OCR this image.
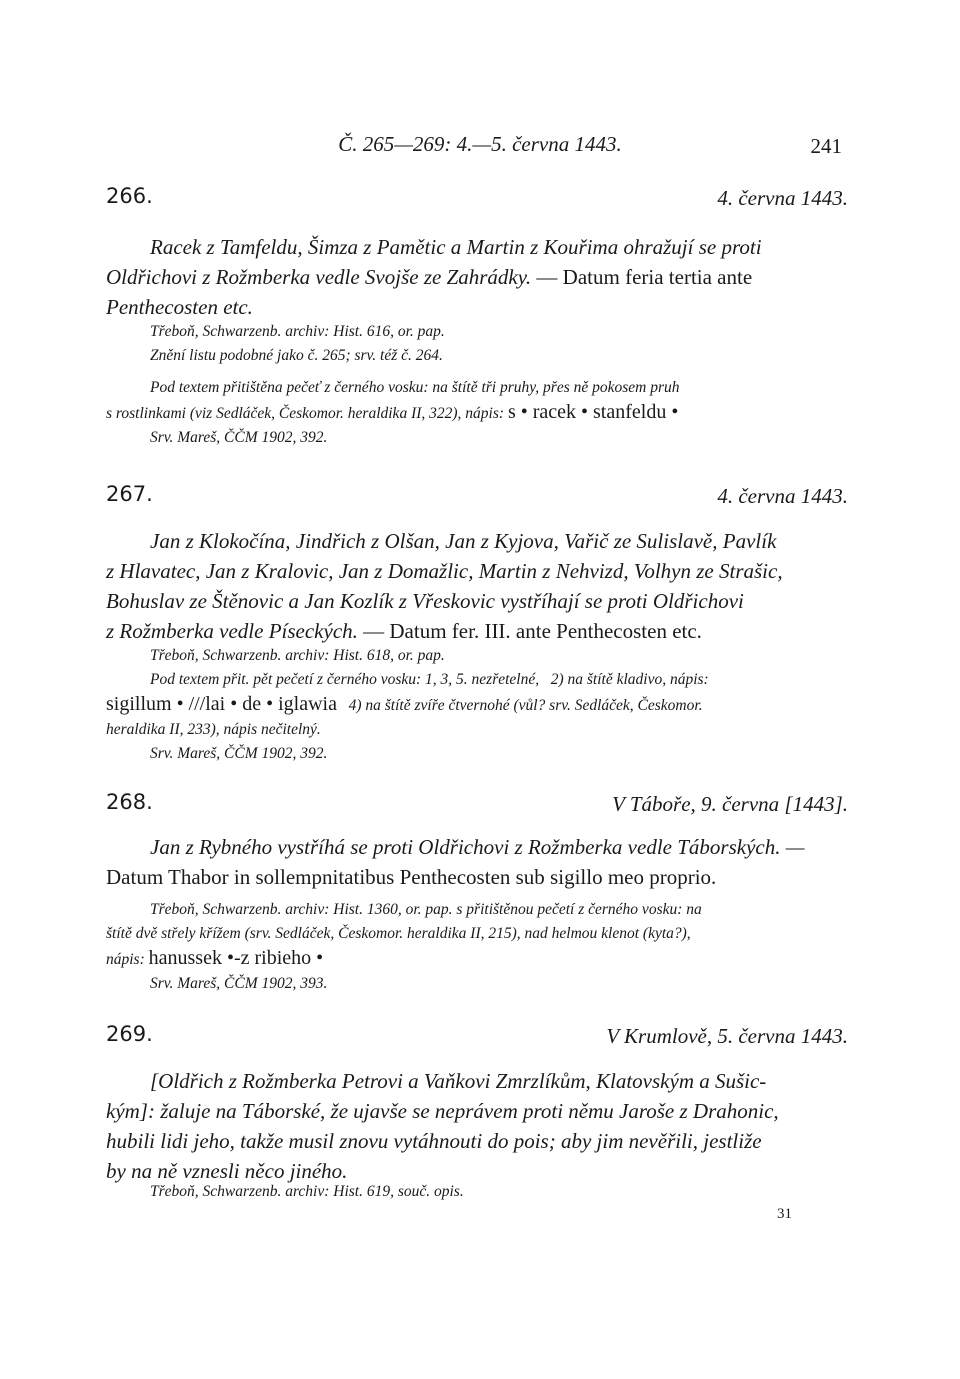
Č. 265—269: 4.—5. června 1443.	241
266.	4. června 1443.
Racek z Tamfeldu, Šimza z Pamětic a Martin z Kouřima ohražují se proti
Oldřichovi z Rožmberka vedle Svojše ze Zahrádky. — Datum feria tertia ante
Penthecosten etc.
Třeboň, Schwarzenb. archiv: Hist. 616, or. pap.
Znění listu podobné jako č. 265; srv. též č. 264.
Pod textem přitištěna pečeť z černého vosku: na štítě tři pruhy, přes ně pokosem pruh
s rostlinkami (viz Sedláček, Českomor. heraldika II, 322), nápis: s • racek • stanfeldu •
Srv. Mareš, ČČM 1902, 392.
267.	4. června 1443.
Jan z Klokočína, Jindřich z Olšan, Jan z Kyjova, Vařič ze Sulislavě, Pavlík
z Hlavatec, Jan z Kralovic, Jan z Domažlic, Martin z Nehvizd, Volhyn ze Strašic,
Bohuslav ze Štěnovic a Jan Kozlík z Vřeskovic vystříhají se proti Oldřichovi
z Rožmberka vedle Píseckých. — Datum fer. III. ante Penthecosten etc.
Třeboň, Schwarzenb. archiv: Hist. 618, or. pap.
Pod textem přit. pět pečetí z černého vosku: 1, 3, 5. nezřetelné, 2) na štítě kladivo, nápis:
sigillum • ///lai • de • iglawia 4) na štítě zvíře čtvernohé (vůl? srv. Sedláček, Českomor.
heraldika II, 233), nápis nečitelný.
Srv. Mareš, ČČM 1902, 392.
268.	V Táboře, 9. června [1443].
Jan z Rybného vystříhá se proti Oldřichovi z Rožmberka vedle Táborských. —
Datum Thabor in sollempnitatibus Penthecosten sub sigillo meo proprio.
Třeboň, Schwarzenb. archiv: Hist. 1360, or. pap. s přitištěnou pečetí z černého vosku: na
štítě dvě střely křížem (srv. Sedláček, Českomor. heraldika II, 215), nad helmou klenot (kyta?),
nápis: hanussek •‑z ribieho •
Srv. Mareš, ČČM 1902, 393.
269.	V Krumlově, 5. června 1443.
[Oldřich z Rožmberka Petrovi a Vaňkovi Zmrzlíkům, Klatovským a Sušic-
kým]: žaluje na Táborské, že ujavše se neprávem proti němu Jaroše z Drahonic,
hubili lidi jeho, takže musil znovu vytáhnouti do pois; aby jim nevěřili, jestliže
by na ně vznesli něco jiného.
Třeboň, Schwarzenb. archiv: Hist. 619, souč. opis.
31
